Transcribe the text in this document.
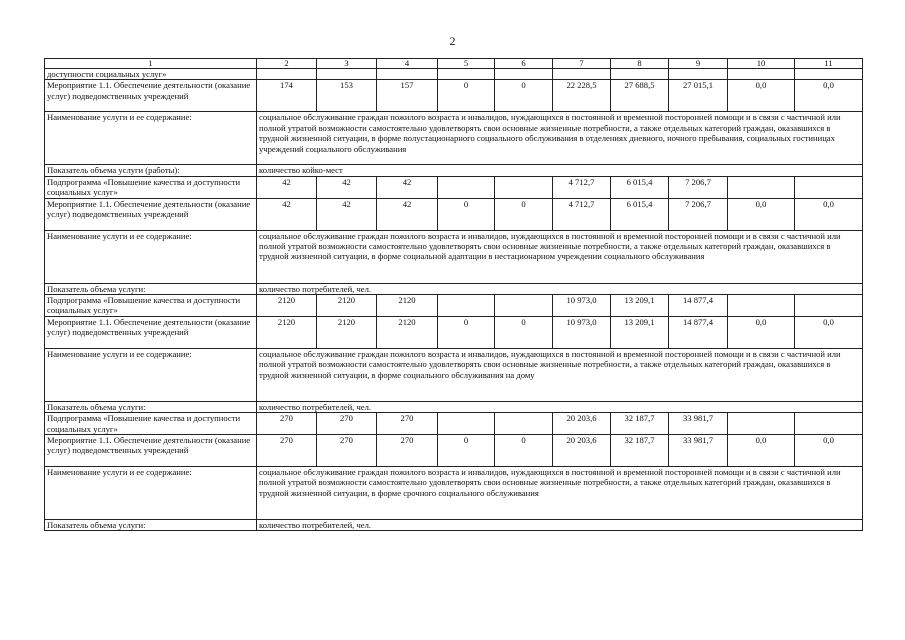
2
1	2	3	4	5	6	7	8	9	10	11
доступности социальных услуг»										
Мероприятие 1.1. Обеспечение деятельности (оказание услуг) подведомственных учреждений	174	153	157	0	0	22 228,5	27 688,5	27 015,1	0,0	0,0
Наименование услуги и ее содержание:	социальное обслуживание граждан пожилого возраста и инвалидов, нуждающихся в постоянной и временной посторонней помощи и в связи с частичной или полной утратой возможности самостоятельно удовлетворять свои основные жизненные потребности, а также отдельных категорий граждан, оказавшихся в трудной жизненной ситуации, в форме полустационарного социального обслуживания в отделениях дневного, ночного пребывания, социальных гостиницах учреждений социального обслуживания									
Показатель объема услуги (работы):	количество койко-мест									
Подпрограмма «Повышение качества и доступности социальных услуг»	42	42	42			4 712,7	6 015,4	7 206,7		
Мероприятие 1.1. Обеспечение деятельности (оказание услуг) подведомственных учреждений	42	42	42	0	0	4 712,7	6 015,4	7 206,7	0,0	0,0
Наименование услуги и ее содержание:	социальное обслуживание граждан пожилого возраста и инвалидов, нуждающихся в постоянной и временной посторонней помощи и в связи с частичной или полной утратой возможности самостоятельно удовлетворять свои основные жизненные потребности, а также отдельных категорий граждан, оказавшихся в трудной жизненной ситуации, в форме социальной адаптации в нестационарном учреждении социального обслуживания									
Показатель объема услуги:	количество потребителей, чел.									
Подпрограмма «Повышение качества и доступности социальных услуг»	2120	2120	2120			10 973,0	13 209,1	14 877,4		
Мероприятие 1.1. Обеспечение деятельности (оказание услуг) подведомственных учреждений	2120	2120	2120	0	0	10 973,0	13 209,1	14 877,4	0,0	0,0
Наименование услуги и ее содержание:	социальное обслуживание граждан пожилого возраста и инвалидов, нуждающихся в постоянной и временной посторонней помощи и в связи с частичной или полной утратой возможности самостоятельно удовлетворять свои основные жизненные потребности, а также отдельных категорий граждан, оказавшихся в трудной жизненной ситуации, в форме социального обслуживания на дому									
Показатель объема услуги:	количество потребителей, чел.									
Подпрограмма «Повышение качества и доступности социальных услуг»	270	270	270			20 203,6	32 187,7	33 981,7		
Мероприятие 1.1. Обеспечение деятельности (оказание услуг) подведомственных учреждений	270	270	270	0	0	20 203,6	32 187,7	33 981,7	0,0	0,0
Наименование услуги и ее содержание:	социальное обслуживание граждан пожилого возраста и инвалидов, нуждающихся в постоянной и временной посторонней помощи и в связи с частичной или полной утратой возможности самостоятельно удовлетворять свои основные жизненные потребности, а также отдельных категорий граждан, оказавшихся в трудной жизненной ситуации, в форме срочного социального обслуживания									
Показатель объема услуги:	количество потребителей, чел.									
